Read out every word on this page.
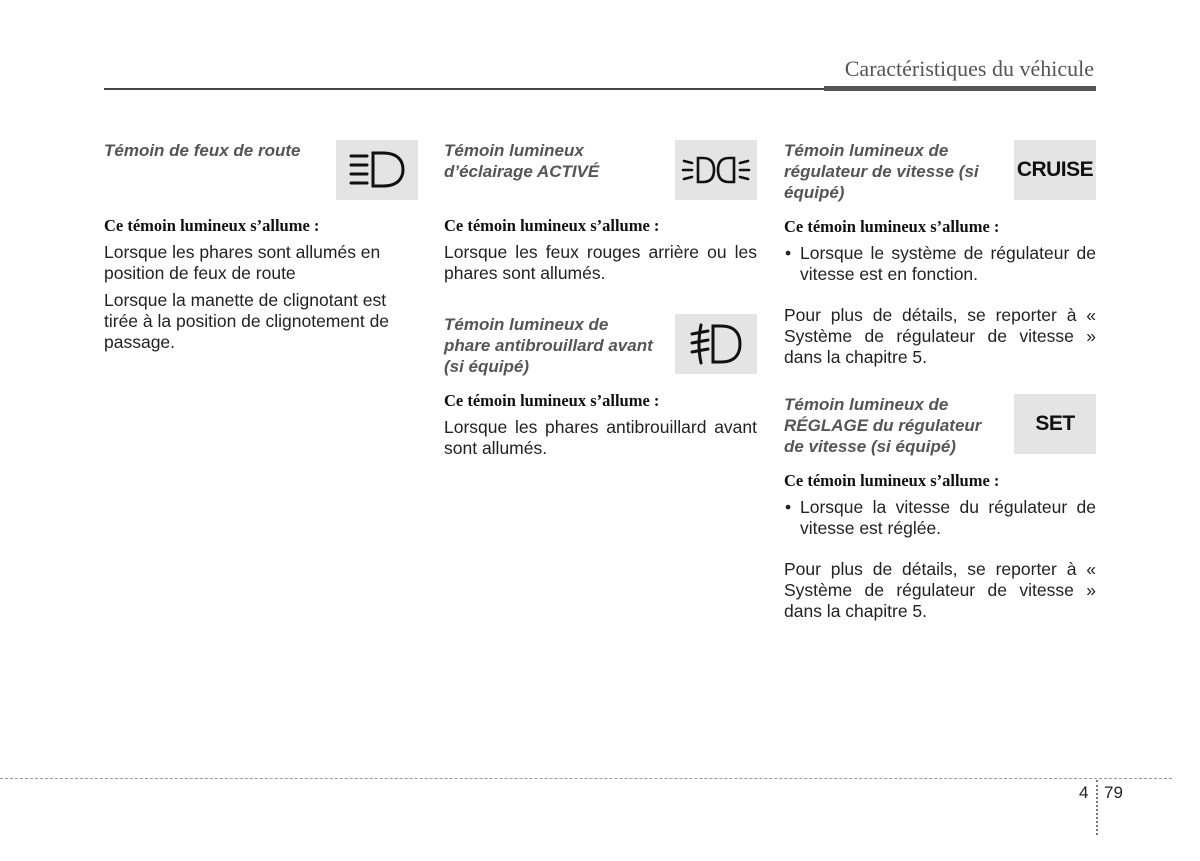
Caractéristiques du véhicule

Témoin de feux de route

Ce témoin lumineux s’allume :

Lorsque les phares sont allumés en position de feux de route

Lorsque la manette de clignotant est tirée à la position de clignotement de passage.

Témoin lumineux d’éclairage ACTIVÉ

Ce témoin lumineux s’allume :

Lorsque les feux rouges arrière ou les phares sont allumés.

Témoin lumineux de phare antibrouillard avant (si équipé)

Ce témoin lumineux s’allume :

Lorsque les phares antibrouillard avant sont allumés.

Témoin lumineux de régulateur de vitesse (si équipé)

CRUISE
Ce témoin lumineux s’allume :
• Lorsque le système de régulateur de vitesse est en fonction.

Pour plus de détails, se reporter à « Système de régulateur de vitesse » dans la chapitre 5.

Témoin lumineux de RÉGLAGE du régulateur de vitesse (si équipé)

SET
Ce témoin lumineux s’allume :
• Lorsque la vitesse du régulateur de vitesse est réglée.

Pour plus de détails, se reporter à « Système de régulateur de vitesse » dans la chapitre 5.

4 79
